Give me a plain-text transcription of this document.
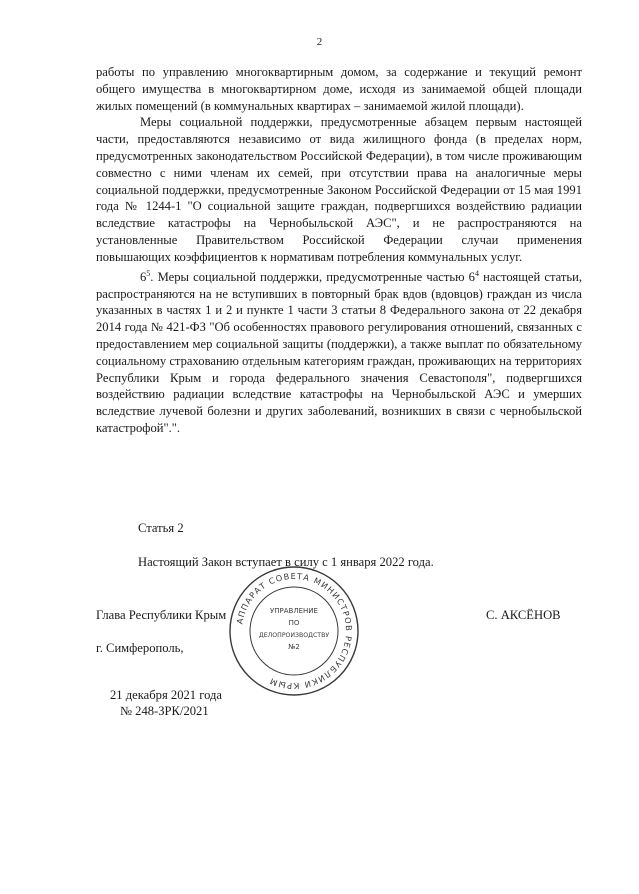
2

работы по управлению многоквартирным домом, за содержание и текущий ремонт общего имущества в многоквартирном доме, исходя из занимаемой общей площади жилых помещений (в коммунальных квартирах – занимаемой жилой площади).

Меры социальной поддержки, предусмотренные абзацем первым настоящей части, предоставляются независимо от вида жилищного фонда (в пределах норм, предусмотренных законодательством Российской Федерации), в том числе проживающим совместно с ними членам их семей, при отсутствии права на аналогичные меры социальной поддержки, предусмотренные Законом Российской Федерации от 15 мая 1991 года № 1244-1 "О социальной защите граждан, подвергшихся воздействию радиации вследствие катастрофы на Чернобыльской АЭС", и не распространяются на установленные Правительством Российской Федерации случаи применения повышающих коэффициентов к нормативам потребления коммунальных услуг.

$6^5$. Меры социальной поддержки, предусмотренные частью $6^4$ настоящей статьи, распространяются на не вступивших в повторный брак вдов (вдовцов) граждан из числа указанных в частях 1 и 2 и пункте 1 части 3 статьи 8 Федерального закона от 22 декабря 2014 года № 421-ФЗ "Об особенностях правового регулирования отношений, связанных с предоставлением мер социальной защиты (поддержки), а также выплат по обязательному социальному страхованию отдельным категориям граждан, проживающих на территориях Республики Крым и города федерального значения Севастополя", подвергшихся воздействию радиации вследствие катастрофы на Чернобыльской АЭС и умерших вследствие лучевой болезни и других заболеваний, возникших в связи с чернобыльской катастрофой".".

Статья 2
Настоящий Закон вступает в силу с 1 января 2022 года.
Глава Республики Крым	С. АКСЁНОВ
г. Симферополь,
21 декабря 2021 года
№ 248-ЗРК/2021
АППАРАТ СОВЕТА МИНИСТРОВ РЕСПУБЛИКИ КРЫМ
УПРАВЛЕНИЕ
ПО
ДЕЛОПРОИЗВОДСТВУ
№2
